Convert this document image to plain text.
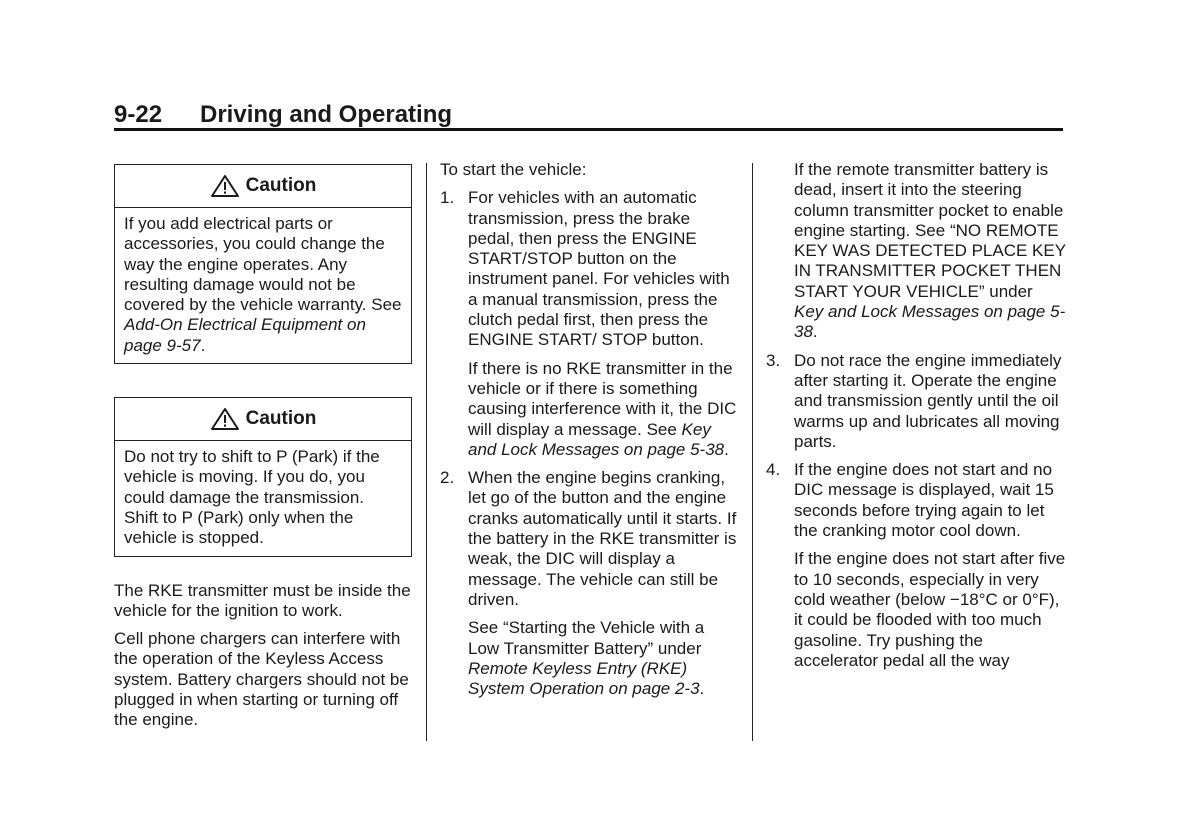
9-22 Driving and Operating
Caution
If you add electrical parts or accessories, you could change the way the engine operates. Any resulting damage would not be covered by the vehicle warranty. See Add-On Electrical Equipment on page 9-57.
Caution
Do not try to shift to P (Park) if the vehicle is moving. If you do, you could damage the transmission. Shift to P (Park) only when the vehicle is stopped.

The RKE transmitter must be inside the vehicle for the ignition to work.

Cell phone chargers can interfere with the operation of the Keyless Access system. Battery chargers should not be plugged in when starting or turning off the engine.

To start the vehicle:

1. For vehicles with an automatic transmission, press the brake pedal, then press the ENGINE START/STOP button on the instrument panel. For vehicles with a manual transmission, press the clutch pedal first, then press the ENGINE START/ STOP button.

If there is no RKE transmitter in the vehicle or if there is something causing interference with it, the DIC will display a message. See Key and Lock Messages on page 5-38.

2. When the engine begins cranking, let go of the button and the engine cranks automatically until it starts. If the battery in the RKE transmitter is weak, the DIC will display a message. The vehicle can still be driven.

See “Starting the Vehicle with a Low Transmitter Battery” under Remote Keyless Entry (RKE) System Operation on page 2-3.

If the remote transmitter battery is dead, insert it into the steering column transmitter pocket to enable engine starting. See “NO REMOTE KEY WAS DETECTED PLACE KEY IN TRANSMITTER POCKET THEN START YOUR VEHICLE” under Key and Lock Messages on page 5-38.

3. Do not race the engine immediately after starting it. Operate the engine and transmission gently until the oil warms up and lubricates all moving parts.

4. If the engine does not start and no DIC message is displayed, wait 15 seconds before trying again to let the cranking motor cool down.

If the engine does not start after five to 10 seconds, especially in very cold weather (below −18°C or 0°F), it could be flooded with too much gasoline. Try pushing the accelerator pedal all the way
